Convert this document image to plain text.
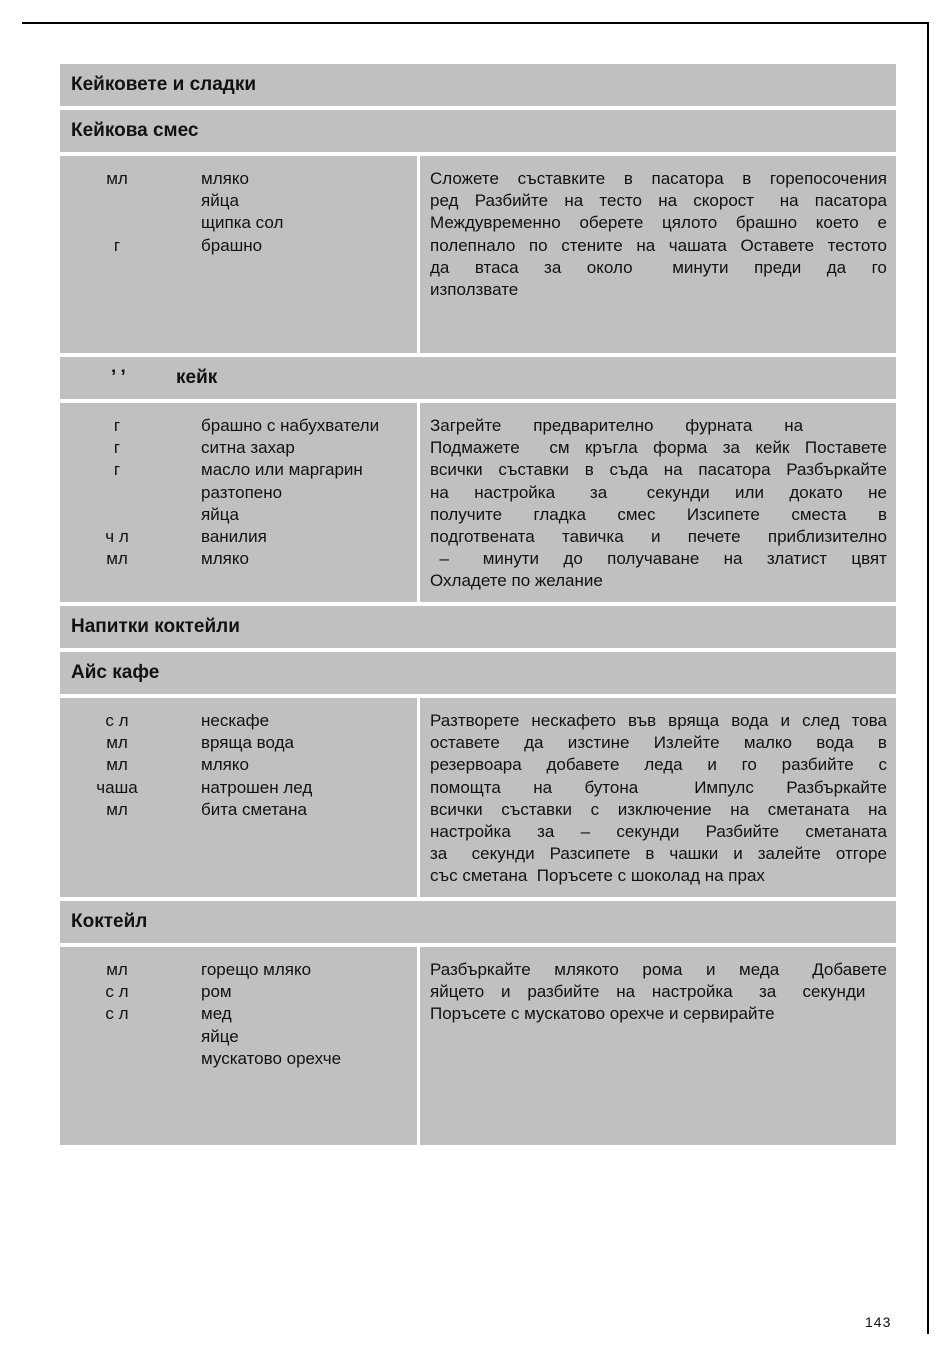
Кейковете и сладки
Кейкова смес
мл	мляко
яйца
щипка сол
г	брашно
Сложете съставките в пасатора в горепосочения
ред Разбийте на тесто на скорост на пасатора
Междувременно оберете цялото брашно което е
полепнало по стените на чашата Оставете тестото
да втаса за около минути преди да го
използвате
’ ’	кейк
г	брашно с набухватели
г	ситна захар
г	масло или маргарин
разтопено
яйца
ч л	ванилия
мл	мляко
Загрейте предварително фурната на

Подмажете см кръгла форма за кейк Поставете
всички съставки в съда на пасатора Разбъркайте
на настройка за секунди или докато не
получите гладка смес Изсипете сместа в
подготвената тавичка и печете приблизително
– минути до получаване на златист цвят
Охладете по желание
Напитки коктейли
Айс кафе
с л	нескафе
мл	вряща вода
мл	мляко
чаша	натрошен лед
мл	бита сметана
Разтворете нескафето във вряща вода и след това
оставете да изстине Излейте малко вода в
резервоара добавете леда и го разбийте с
помощта на бутона Импулс Разбъркайте
всички съставки с изключение на сметаната на
настройка за – секунди Разбийте сметаната
за секунди Разсипете в чашки и залейте отгоре
със сметана  Поръсете с шоколад на прах
Коктейл
мл	горещо мляко
с л	ром
с л	мед
яйце
мускатово орехче
Разбъркайте млякото рома и меда Добавете
яйцето и разбийте на настройка за секунди

Поръсете с мускатово орехче и сервирайте
143
